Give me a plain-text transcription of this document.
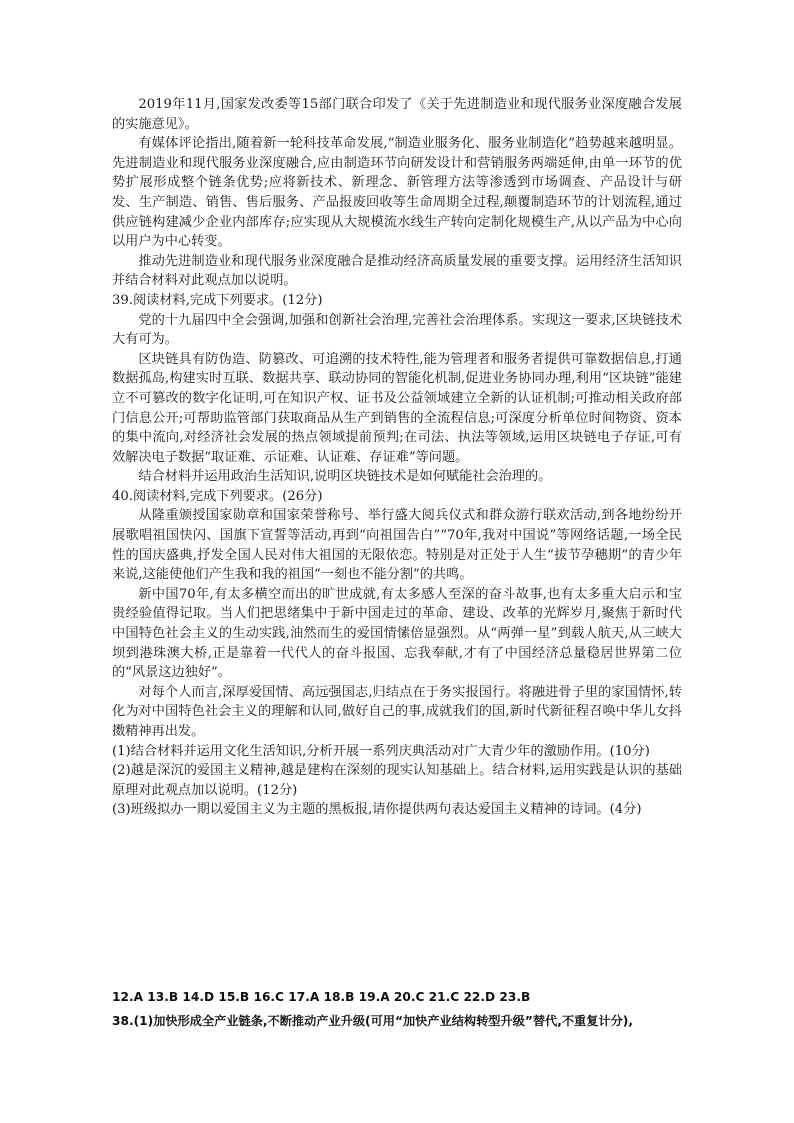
2019年11月,国家发改委等15部门联合印发了《关于先进制造业和现代服务业深度融合发展的实施意见》。

有媒体评论指出,随着新一轮科技革命发展,“制造业服务化、服务业制造化”趋势越来越明显。先进制造业和现代服务业深度融合,应由制造环节向研发设计和营销服务两端延伸,由单一环节的优势扩展形成整个链条优势;应将新技术、新理念、新管理方法等渗透到市场调查、产品设计与研发、生产制造、销售、售后服务、产品报废回收等生命周期全过程,颠覆制造环节的计划流程,通过供应链构建减少企业内部库存;应实现从大规模流水线生产转向定制化规模生产,从以产品为中心向以用户为中心转变。

推动先进制造业和现代服务业深度融合是推动经济高质量发展的重要支撑。运用经济生活知识并结合材料对此观点加以说明。

39.阅读材料,完成下列要求。(12分)

党的十九届四中全会强调,加强和创新社会治理,完善社会治理体系。实现这一要求,区块链技术大有可为。

区块链具有防伪造、防篡改、可追溯的技术特性,能为管理者和服务者提供可靠数据信息,打通数据孤岛,构建实时互联、数据共享、联动协同的智能化机制,促进业务协同办理,利用“区块链”能建立不可篡改的数字化证明,可在知识产权、证书及公益领域建立全新的认证机制;可推动相关政府部门信息公开;可帮助监管部门获取商品从生产到销售的全流程信息;可深度分析单位时间物资、资本的集中流向,对经济社会发展的热点领域提前预判;在司法、执法等领域,运用区块链电子存证,可有效解决电子数据“取证难、示证难、认证难、存证难”等问题。

结合材料并运用政治生活知识,说明区块链技术是如何赋能社会治理的。

40.阅读材料,完成下列要求。(26分)

从隆重颁授国家勋章和国家荣誉称号、举行盛大阅兵仪式和群众游行联欢活动,到各地纷纷开展歌唱祖国快闪、国旗下宣誓等活动,再到“向祖国告白”“70年,我对中国说”等网络话题,一场全民性的国庆盛典,抒发全国人民对伟大祖国的无限依恋。特别是对正处于人生“拔节孕穗期”的青少年来说,这能使他们产生我和我的祖国“一刻也不能分割”的共鸣。

新中国70年,有太多横空而出的旷世成就,有太多感人至深的奋斗故事,也有太多重大启示和宝贵经验值得记取。当人们把思绪集中于新中国走过的革命、建设、改革的光辉岁月,聚焦于新时代中国特色社会主义的生动实践,油然而生的爱国情愫倍显强烈。从“两弹一星”到载人航天,从三峡大坝到港珠澳大桥,正是靠着一代代人的奋斗报国、忘我奉献,才有了中国经济总量稳居世界第二位的“风景这边独好”。

对每个人而言,深厚爱国情、高远强国志,归结点在于务实报国行。将融进骨子里的家国情怀,转化为对中国特色社会主义的理解和认同,做好自己的事,成就我们的国,新时代新征程召唤中华儿女抖擞精神再出发。

(1)结合材料并运用文化生活知识,分析开展一系列庆典活动对广大青少年的激励作用。(10分)

(2)越是深沉的爱国主义精神,越是建构在深刻的现实认知基础上。结合材料,运用实践是认识的基础原理对此观点加以说明。(12分)

(3)班级拟办一期以爱国主义为主题的黑板报,请你提供两句表达爱国主义精神的诗词。(4分)

12.A 13.B 14.D 15.B 16.C 17.A 18.B 19.A 20.C 21.C 22.D 23.B

38.(1)加快形成全产业链条,不断推动产业升级(可用“加快产业结构转型升级”替代,不重复计分),
